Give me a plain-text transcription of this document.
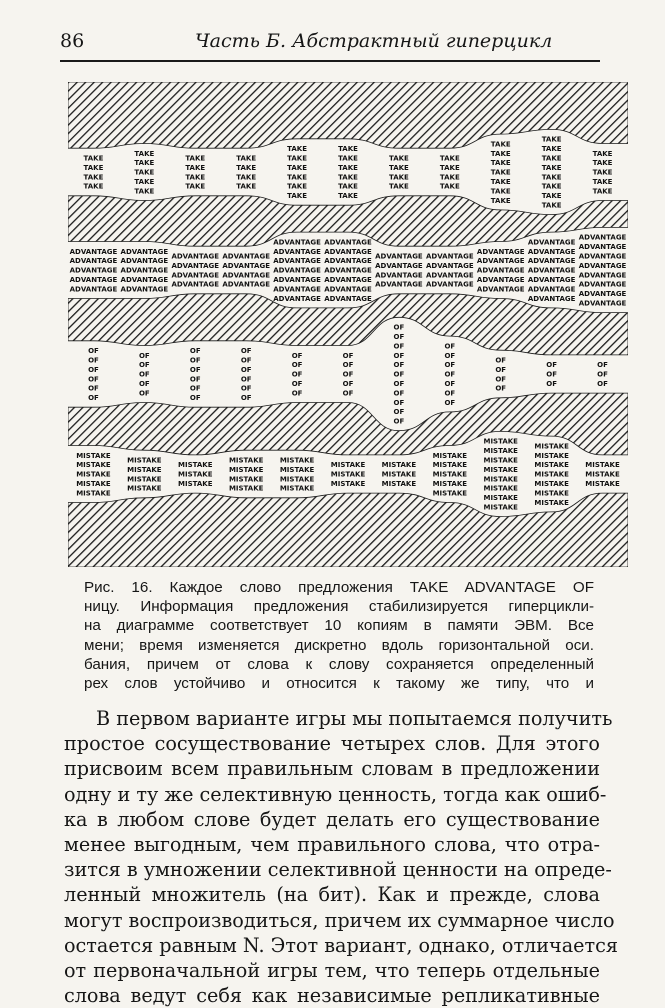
86	Часть Б. Абстрактный гиперцикл
TAKE
TAKE
TAKE
TAKE
TAKE
TAKE
TAKE
TAKE
TAKE
TAKE
TAKE
TAKE
TAKE
TAKE
TAKE
TAKE
TAKE
TAKE
TAKE
TAKE
TAKE
TAKE
TAKE
TAKE
TAKE
TAKE
TAKE
TAKE
TAKE
TAKE
TAKE
TAKE
TAKE
TAKE
TAKE
TAKE
TAKE
TAKE
TAKE
TAKE
TAKE
TAKE
TAKE
TAKE
TAKE
TAKE
TAKE
TAKE
TAKE
TAKE
TAKE
TAKE
TAKE
TAKE
TAKE
TAKE
TAKE
ADVANTAGE
ADVANTAGE
ADVANTAGE
ADVANTAGE
ADVANTAGE
ADVANTAGE
ADVANTAGE
ADVANTAGE
ADVANTAGE
ADVANTAGE
ADVANTAGE
ADVANTAGE
ADVANTAGE
ADVANTAGE
ADVANTAGE
ADVANTAGE
ADVANTAGE
ADVANTAGE
ADVANTAGE
ADVANTAGE
ADVANTAGE
ADVANTAGE
ADVANTAGE
ADVANTAGE
ADVANTAGE
ADVANTAGE
ADVANTAGE
ADVANTAGE
ADVANTAGE
ADVANTAGE
ADVANTAGE
ADVANTAGE
ADVANTAGE
ADVANTAGE
ADVANTAGE
ADVANTAGE
ADVANTAGE
ADVANTAGE
ADVANTAGE
ADVANTAGE
ADVANTAGE
ADVANTAGE
ADVANTAGE
ADVANTAGE
ADVANTAGE
ADVANTAGE
ADVANTAGE
ADVANTAGE
ADVANTAGE
ADVANTAGE
ADVANTAGE
ADVANTAGE
ADVANTAGE
ADVANTAGE
ADVANTAGE
ADVANTAGE
ADVANTAGE
ADVANTAGE
ADVANTAGE
ADVANTAGE
OF
OF
OF
OF
OF
OF
OF
OF
OF
OF
OF
OF
OF
OF
OF
OF
OF
OF
OF
OF
OF
OF
OF
OF
OF
OF
OF
OF
OF
OF
OF
OF
OF
OF
OF
OF
OF
OF
OF
OF
OF
OF
OF
OF
OF
OF
OF
OF
OF
OF
OF
OF
OF
OF
OF
OF
OF
OF
OF
OF
OF
MISTAKE
MISTAKE
MISTAKE
MISTAKE
MISTAKE
MISTAKE
MISTAKE
MISTAKE
MISTAKE
MISTAKE
MISTAKE
MISTAKE
MISTAKE
MISTAKE
MISTAKE
MISTAKE
MISTAKE
MISTAKE
MISTAKE
MISTAKE
MISTAKE
MISTAKE
MISTAKE
MISTAKE
MISTAKE
MISTAKE
MISTAKE
MISTAKE
MISTAKE
MISTAKE
MISTAKE
MISTAKE
MISTAKE
MISTAKE
MISTAKE
MISTAKE
MISTAKE
MISTAKE
MISTAKE
MISTAKE
MISTAKE
MISTAKE
MISTAKE
MISTAKE
MISTAKE
MISTAKE
MISTAKE
MISTAKE
MISTAKE
Рис. 16. Каждое слово предложения TAKE ADVANTAGE OF
ницу. Информация предложения стабилизируется гиперцикли-
на диаграмме соответствует 10 копиям в памяти ЭВМ. Все
мени; время изменяется дискретно вдоль горизонтальной оси.
бания, причем от слова к слову сохраняется определенный
рех слов устойчиво и относится к такому же типу, что и
В первом варианте игры мы попытаемся получить
простое сосуществование четырех слов. Для этого
присвоим всем правильным словам в предложении
одну и ту же селективную ценность, тогда как ошиб-
ка в любом слове будет делать его существование
менее выгодным, чем правильного слова, что отра-
зится в умножении селективной ценности на опреде-
ленный множитель (на бит). Как и прежде, слова
могут воспроизводиться, причем их суммарное число
остается равным N. Этот вариант, однако, отличается
от первоначальной игры тем, что теперь отдельные
слова ведут себя как независимые репликативные
